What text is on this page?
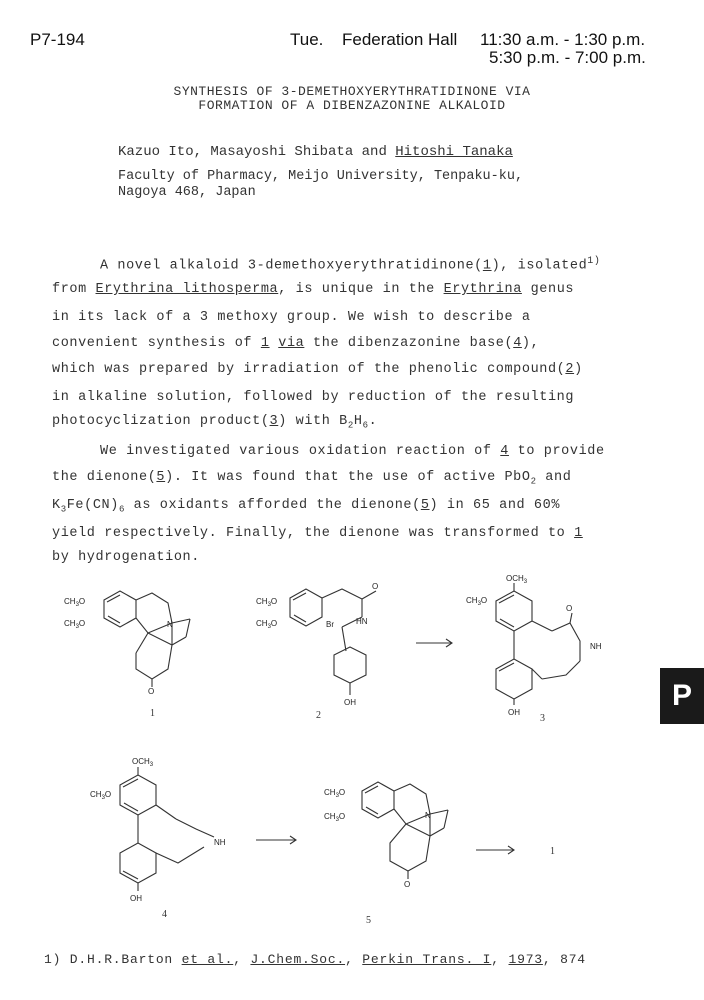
P7-194	Tue. Federation Hall 11:30 a.m. - 1:30 p.m.
5:30 p.m. - 7:00 p.m.
SYNTHESIS OF 3-DEMETHOXYERYTHRATIDINONE VIA
FORMATION OF A DIBENZAZONINE ALKALOID
Kazuo Ito, Masayoshi Shibata and Hitoshi Tanaka
Faculty of Pharmacy, Meijo University, Tenpaku-ku,
Nagoya 468, Japan
A novel alkaloid 3-demethoxyerythratidinone(1), isolated$^{1)}$
from Erythrina lithosperma, is unique in the Erythrina genus
in its lack of a 3 methoxy group. We wish to describe a
convenient synthesis of 1 via the dibenzazonine base(4),
which was prepared by irradiation of the phenolic compound(2)
in alkaline solution, followed by reduction of the resulting
photocyclization product(3) with $B_2H_6$.
We investigated various oxidation reaction of 4 to provide
the dienone(5). It was found that the use of active PbO$_2$ and
$K_3Fe(CN)_6$ as oxidants afforded the dienone(5) in 65 and 60%
yield respectively. Finally, the dienone was transformed to 1
by hydrogenation.
P
$CH_3O$
$CH_3O$	N
O
1
$CH_3O$
$CH_3O$
O
HN
Br
OH
2
$OCH_3$
$CH_3O$
O
NH
OH
3
$OCH_3$
$CH_3O$
NH
OH
4
$CH_3O$
$CH_3O$	N
O
5
1
1) D.H.R.Barton et al., J.Chem.Soc., Perkin Trans. I, 1973, 874
